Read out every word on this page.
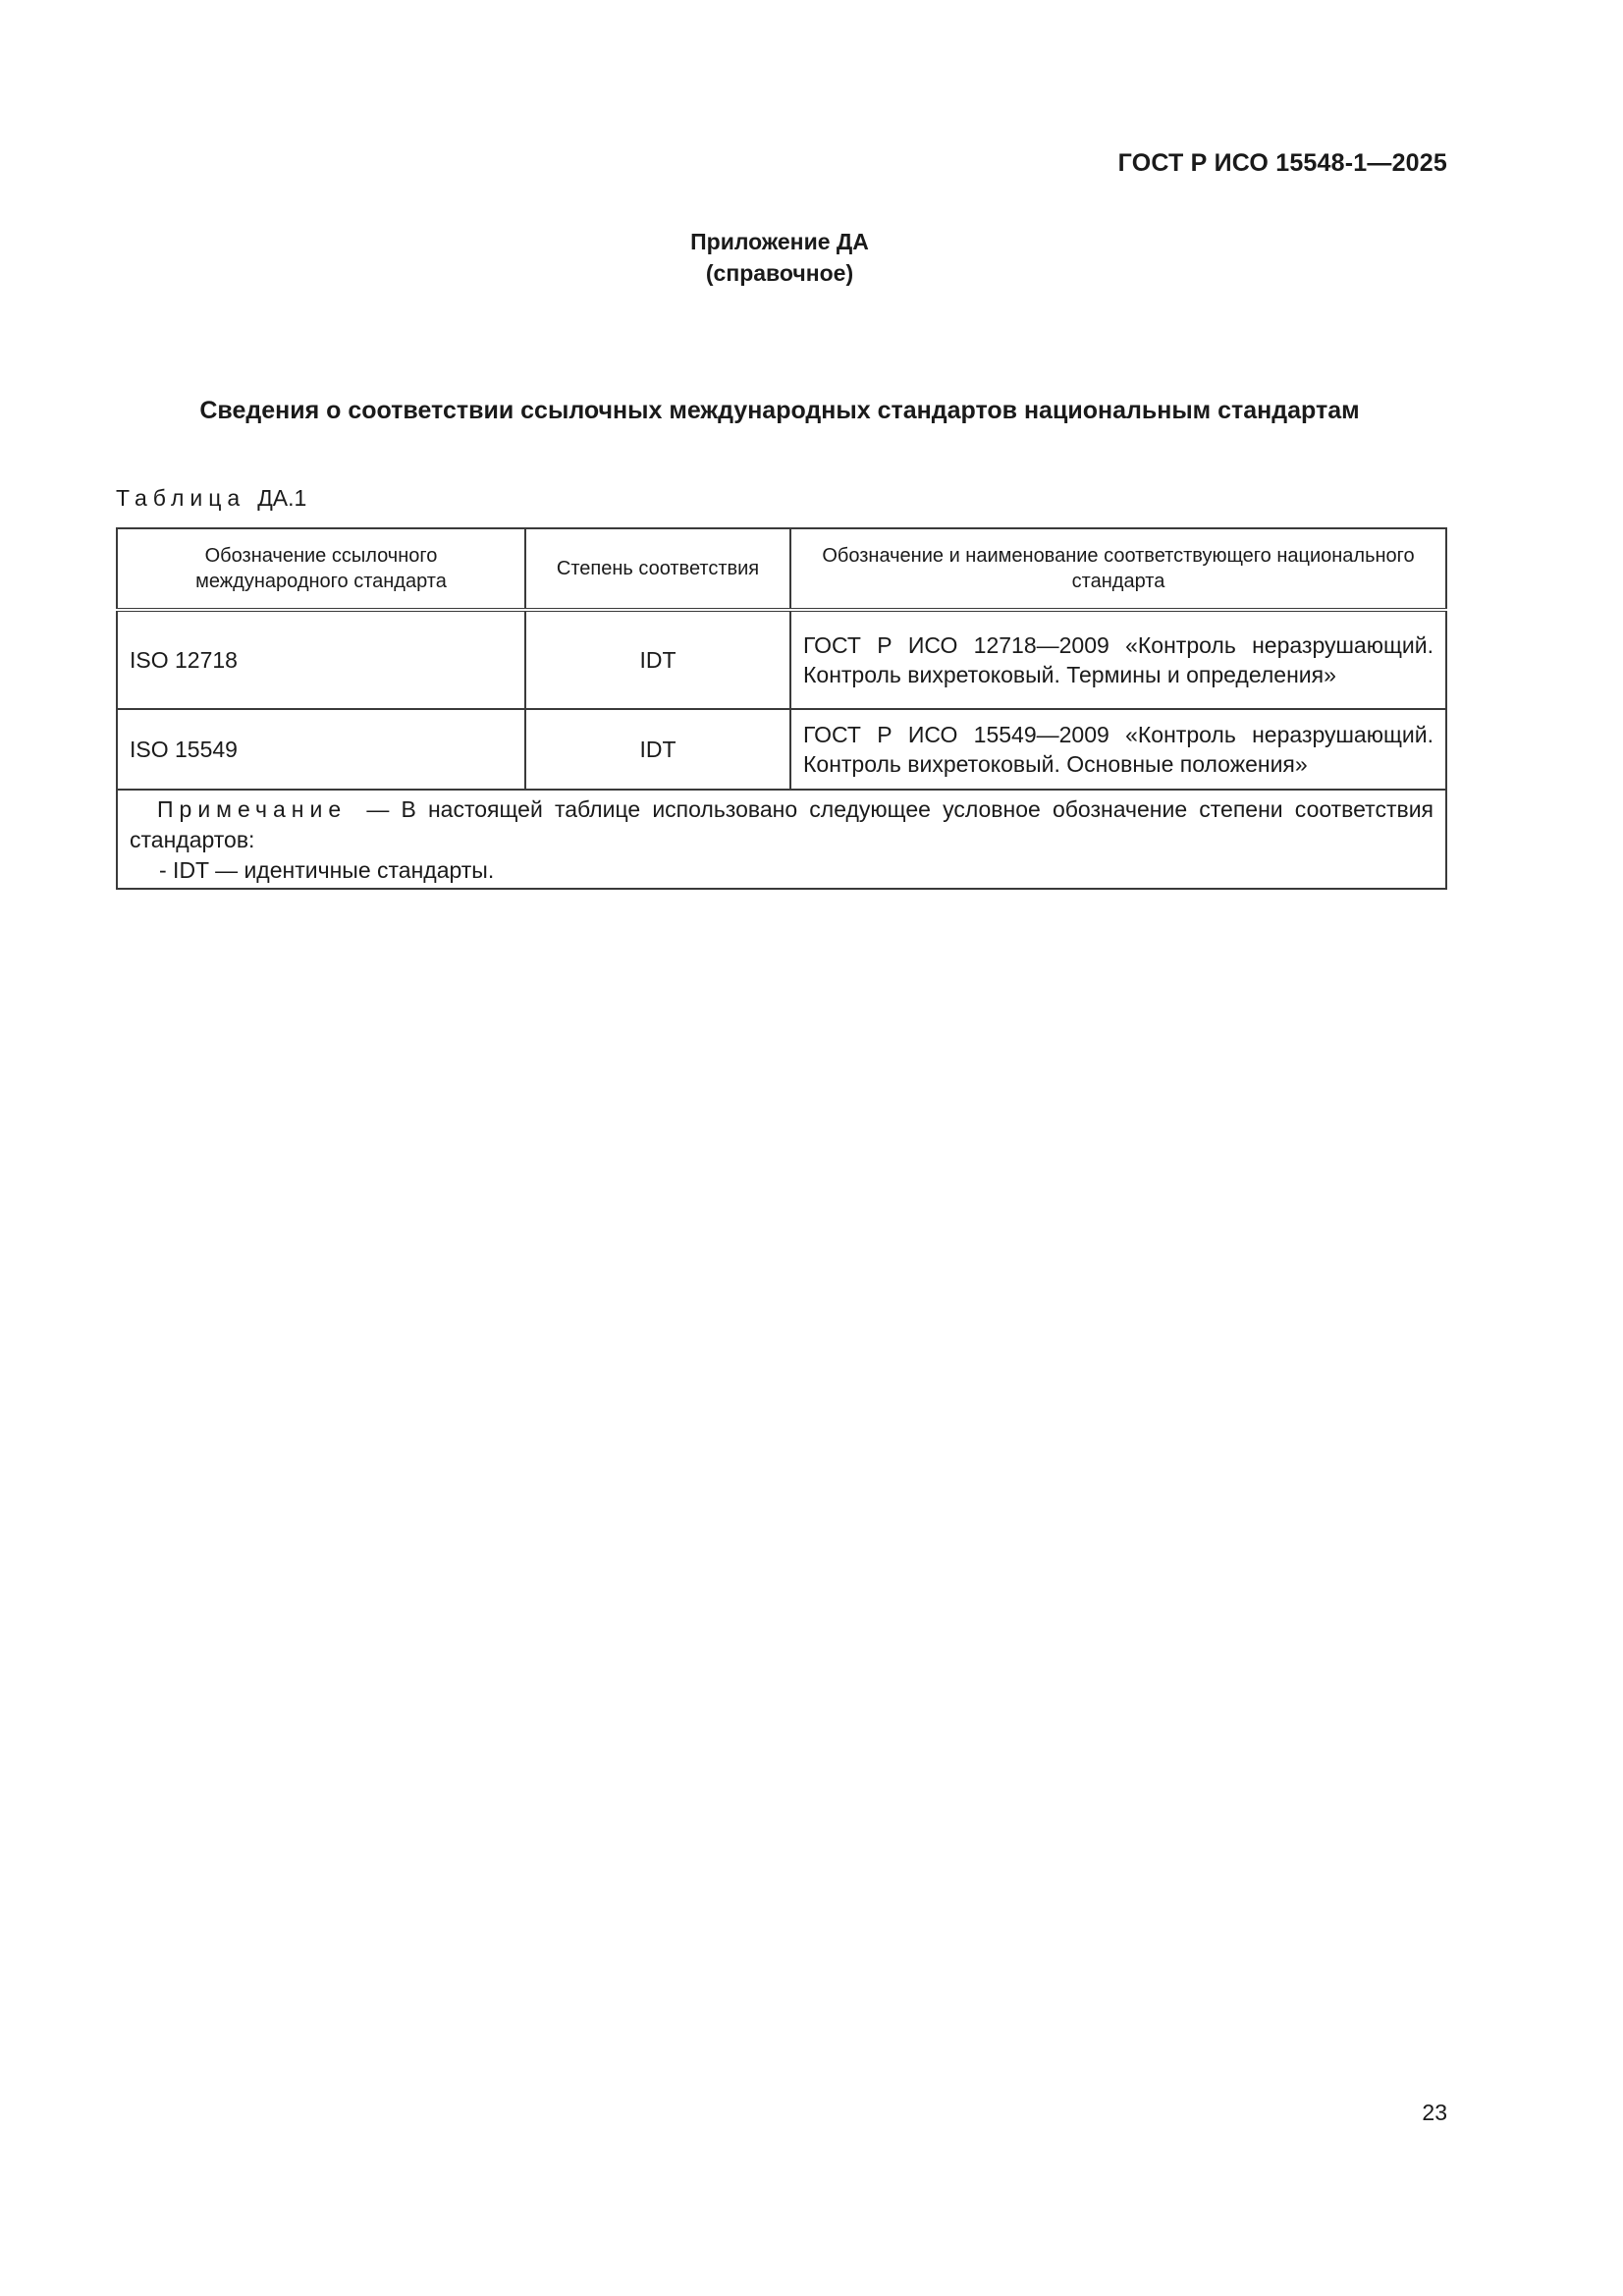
ГОСТ Р ИСО 15548-1—2025
Приложение ДА
(справочное)
Сведения о соответствии ссылочных международных стандартов национальным стандартам
Таблица ДА.1
Обозначение ссылочного международного стандарта	Степень соответствия	Обозначение и наименование соответствующего национального стандарта
ISO 12718	IDT	ГОСТ Р ИСО 12718—2009 «Контроль неразрушающий. Контроль вихретоковый. Термины и определения»
ISO 15549	IDT	ГОСТ Р ИСО 15549—2009 «Контроль неразрушающий. Контроль вихретоковый. Основные положения»
Примечание — В настоящей таблице использовано следующее условное обозначение степени соответствия стандартов:
- IDT — идентичные стандарты.		
23
